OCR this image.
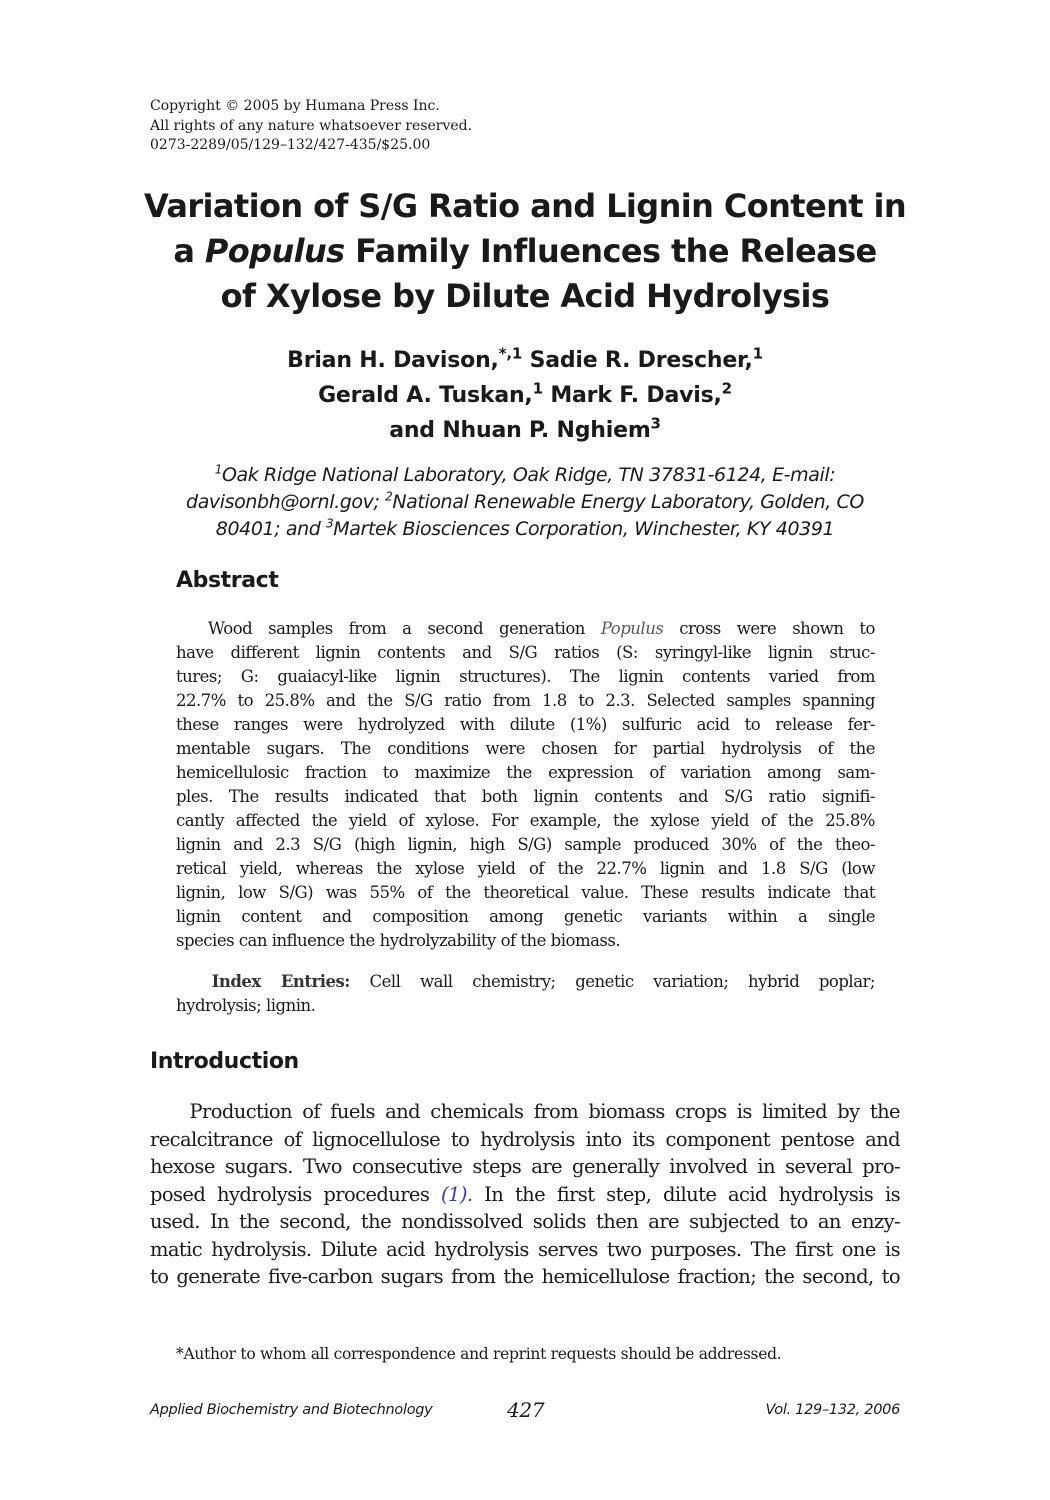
Copyright © 2005 by Humana Press Inc.
All rights of any nature whatsoever reserved.
0273-2289/05/129–132/427-435/$25.00
Variation of S/G Ratio and Lignin Content in
a Populus Family Influences the Release
of Xylose by Dilute Acid Hydrolysis
Brian H. Davison,$^{*,1}$ Sadie R. Drescher,$^1$
Gerald A. Tuskan,$^1$ Mark F. Davis,$^2$
and Nhuan P. Nghiem$^3$
$^1$Oak Ridge National Laboratory, Oak Ridge, TN 37831-6124, E-mail:
davisonbh@ornl.gov; $^2$National Renewable Energy Laboratory, Golden, CO
80401; and $^3$Martek Biosciences Corporation, Winchester, KY 40391
Abstract
  Wood samples from a second generation Populus cross were shown to
have different lignin contents and S/G ratios (S: syringyl-like lignin struc-
tures; G: guaiacyl-like lignin structures). The lignin contents varied from
22.7% to 25.8% and the S/G ratio from 1.8 to 2.3. Selected samples spanning
these ranges were hydrolyzed with dilute (1%) sulfuric acid to release fer-
mentable sugars. The conditions were chosen for partial hydrolysis of the
hemicellulosic fraction to maximize the expression of variation among sam-
ples. The results indicated that both lignin contents and S/G ratio signifi-
cantly affected the yield of xylose. For example, the xylose yield of the 25.8%
lignin and 2.3 S/G (high lignin, high S/G) sample produced 30% of the theo-
retical yield, whereas the xylose yield of the 22.7% lignin and 1.8 S/G (low
lignin, low S/G) was 55% of the theoretical value. These results indicate that
lignin content and composition among genetic variants within a single
species can influence the hydrolyzability of the biomass.
  Index Entries: Cell wall chemistry; genetic variation; hybrid poplar;
hydrolysis; lignin.
Introduction
   Production of fuels and chemicals from biomass crops is limited by the
recalcitrance of lignocellulose to hydrolysis into its component pentose and
hexose sugars. Two consecutive steps are generally involved in several pro-
posed hydrolysis procedures (1). In the first step, dilute acid hydrolysis is
used. In the second, the nondissolved solids then are subjected to an enzy-
matic hydrolysis. Dilute acid hydrolysis serves two purposes. The first one is
to generate five-carbon sugars from the hemicellulose fraction; the second, to
*Author to whom all correspondence and reprint requests should be addressed.
Applied Biochemistry and Biotechnology	427	Vol. 129–132, 2006
